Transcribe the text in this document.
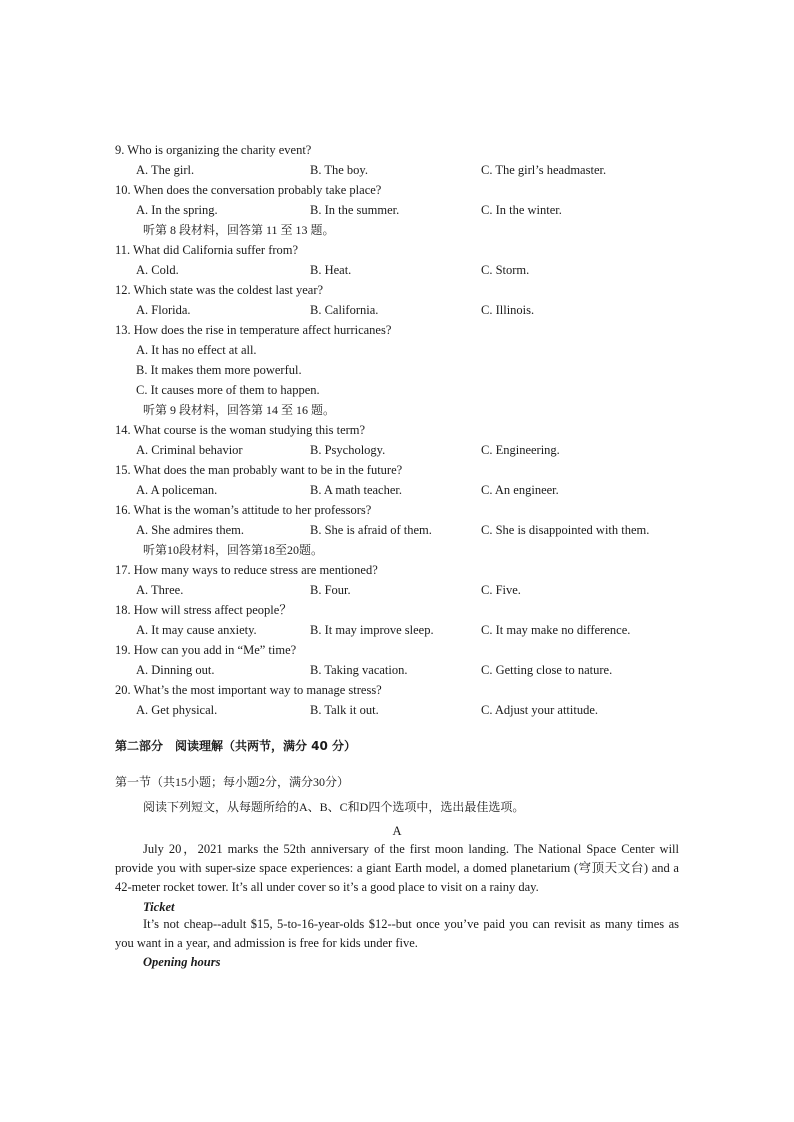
9. Who is organizing the charity event?
A. The girl.	B. The boy.	C. The girl’s headmaster.
10. When does the conversation probably take place?
A. In the spring.	B. In the summer.	C. In the winter.
听第 8 段材料，回答第 11 至 13 题。
11. What did California suffer from?
A. Cold.	B. Heat.	C. Storm.
12. Which state was the coldest last year?
A. Florida.	B. California.	C. Illinois.
13. How does the rise in temperature affect hurricanes?
A. It has no effect at all.
B. It makes them more powerful.
C. It causes more of them to happen.
听第 9 段材料，回答第 14 至 16 题。
14. What course is the woman studying this term?
A. Criminal behavior	B. Psychology.	C. Engineering.
15. What does the man probably want to be in the future?
A. A policeman.	B. A math teacher.	C. An engineer.
16. What is the woman’s attitude to her professors?
A. She admires them.	B. She is afraid of them.	C. She is disappointed with them.
听第10段材料，回答第18至20题。
17. How many ways to reduce stress are mentioned?
A. Three.	B. Four.	C. Five.
18. How will stress affect people？
A. It may cause anxiety.	B. It may improve sleep.	C. It may make no difference.
19. How can you add in “Me” time?
A. Dinning out.	B. Taking vacation.	C. Getting close to nature.
20. What’s the most important way to manage stress?
A. Get physical.	B. Talk it out.	C. Adjust your attitude.
第二部分　阅读理解（共两节，满分 40 分）
第一节（共15小题；每小题2分，满分30分）
阅读下列短文，从每题所给的A、B、C和D四个选项中，选出最佳选项。
A
July 20，2021 marks the 52th anniversary of the first moon landing. The National Space Center will provide you with super-size space experiences: a giant Earth model, a domed planetarium (穹顶天文台) and a 42-meter rocket tower. It’s all under cover so it’s a good place to visit on a rainy day.
Ticket
It’s not cheap--adult $15, 5-to-16-year-olds $12--but once you’ve paid you can revisit as many times as you want in a year, and admission is free for kids under five.
Opening hours
